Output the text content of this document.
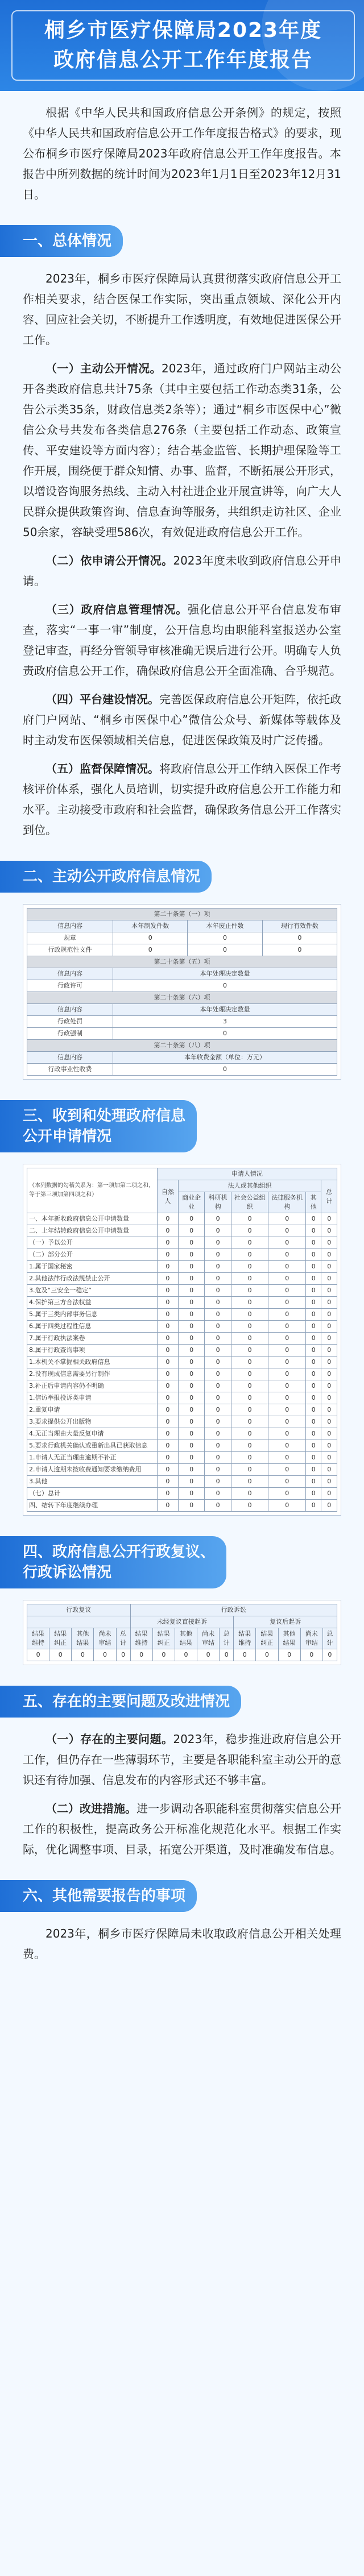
桐乡市医疗保障局2023年度
政府信息公开工作年度报告

根据《中华人民共和国政府信息公开条例》的规定，按照《中华人民共和国政府信息公开工作年度报告格式》的要求，现公布桐乡市医疗保障局2023年政府信息公开工作年度报告。本报告中所列数据的统计时间为2023年1月1日至2023年12月31日。

一、总体情况

2023年，桐乡市医疗保障局认真贯彻落实政府信息公开工作相关要求，结合医保工作实际，突出重点领域、深化公开内容、回应社会关切，不断提升工作透明度，有效地促进医保公开工作。

（一）主动公开情况。2023年，通过政府门户网站主动公开各类政府信息共计75条（其中主要包括工作动态类31条，公告公示类35条，财政信息类2条等）；通过“桐乡市医保中心”微信公众号共发布各类信息276条（主要包括工作动态、政策宣传、平安建设等方面内容）；结合基金监管、长期护理保险等工作开展，围绕便于群众知情、办事、监督，不断拓展公开形式，以增设咨询服务热线、主动入村社进企业开展宣讲等，向广大人民群众提供政策咨询、信息查询等服务，共组织走访社区、企业50余家，容缺受理586次，有效促进政府信息公开工作。

（二）依申请公开情况。2023年度未收到政府信息公开申请。

（三）政府信息管理情况。强化信息公开平台信息发布审查，落实“一事一审”制度，公开信息均由职能科室报送办公室登记审查，再经分管领导审核准确无误后进行公开。明确专人负责政府信息公开工作，确保政府信息公开全面准确、合乎规范。

（四）平台建设情况。完善医保政府信息公开矩阵，依托政府门户网站、“桐乡市医保中心”微信公众号、新媒体等载体及时主动发布医保领域相关信息，促进医保政策及时广泛传播。

（五）监督保障情况。将政府信息公开工作纳入医保工作考核评价体系，强化人员培训，切实提升政府信息公开工作能力和水平。主动接受市政府和社会监督，确保政务信息公开工作落实到位。

二、主动公开政府信息情况
第二十条第（一）项			
信息内容	本年制发件数	本年废止件数	现行有效件数
规章	0	0	0
行政规范性文件	0	0	0
第二十条第（五）项			
信息内容	本年处理决定数量		
行政许可	0		
第二十条第（六）项			
信息内容	本年处理决定数量		
行政处罚	3		
行政强制	0		
第二十条第（八）项			
信息内容	本年收费金额（单位：万元）		
行政事业性收费	0		
三、收到和处理政府信息
公开申请情况
（本列数据的勾稽关系为：第一项加第二项之和，等于第三项加第四项之和）	申请人情况						
	自然人	法人或其他组织					总计
		商业企业	科研机构	社会公益组织	法律服务机构	其他	
一、本年新收政府信息公开申请数量	0	0	0	0	0	0	0
二、上年结转政府信息公开申请数量	0	0	0	0	0	0	0
（一）予以公开	0	0	0	0	0	0	0
（二）部分公开	0	0	0	0	0	0	0
1.属于国家秘密	0	0	0	0	0	0	0
2.其他法律行政法规禁止公开	0	0	0	0	0	0	0
3.危及“三安全一稳定”	0	0	0	0	0	0	0
4.保护第三方合法权益	0	0	0	0	0	0	0
5.属于三类内部事务信息	0	0	0	0	0	0	0
6.属于四类过程性信息	0	0	0	0	0	0	0
7.属于行政执法案卷	0	0	0	0	0	0	0
8.属于行政查询事项	0	0	0	0	0	0	0
1.本机关不掌握相关政府信息	0	0	0	0	0	0	0
2.没有现成信息需要另行制作	0	0	0	0	0	0	0
3.补正后申请内容仍不明确	0	0	0	0	0	0	0
1.信访举报投诉类申请	0	0	0	0	0	0	0
2.重复申请	0	0	0	0	0	0	0
3.要求提供公开出版物	0	0	0	0	0	0	0
4.无正当理由大量反复申请	0	0	0	0	0	0	0
5.要求行政机关确认或重新出具已获取信息	0	0	0	0	0	0	0
1.申请人无正当理由逾期不补正	0	0	0	0	0	0	0
2.申请人逾期未按收费通知要求缴纳费用	0	0	0	0	0	0	0
3.其他	0	0	0	0	0	0	0
（七）总计	0	0	0	0	0	0	0
四、结转下年度继续办理	0	0	0	0	0	0	0
四、政府信息公开行政复议、
行政诉讼情况
行政复议					行政诉讼									
					未经复议直接起诉					复议后起诉				
结果维持	结果纠正	其他结果	尚未审结	总计	结果维持	结果纠正	其他结果	尚未审结	总计	结果维持	结果纠正	其他结果	尚未审结	总计
0	0	0	0	0	0	0	0	0	0	0	0	0	0	0
五、存在的主要问题及改进情况

（一）存在的主要问题。2023年，稳步推进政府信息公开工作，但仍存在一些薄弱环节，主要是各职能科室主动公开的意识还有待加强、信息发布的内容形式还不够丰富。

（二）改进措施。进一步调动各职能科室贯彻落实信息公开工作的积极性，提高政务公开标准化规范化水平。根据工作实际，优化调整事项、目录，拓宽公开渠道，及时准确发布信息。

六、其他需要报告的事项

2023年，桐乡市医疗保障局未收取政府信息公开相关处理费。
